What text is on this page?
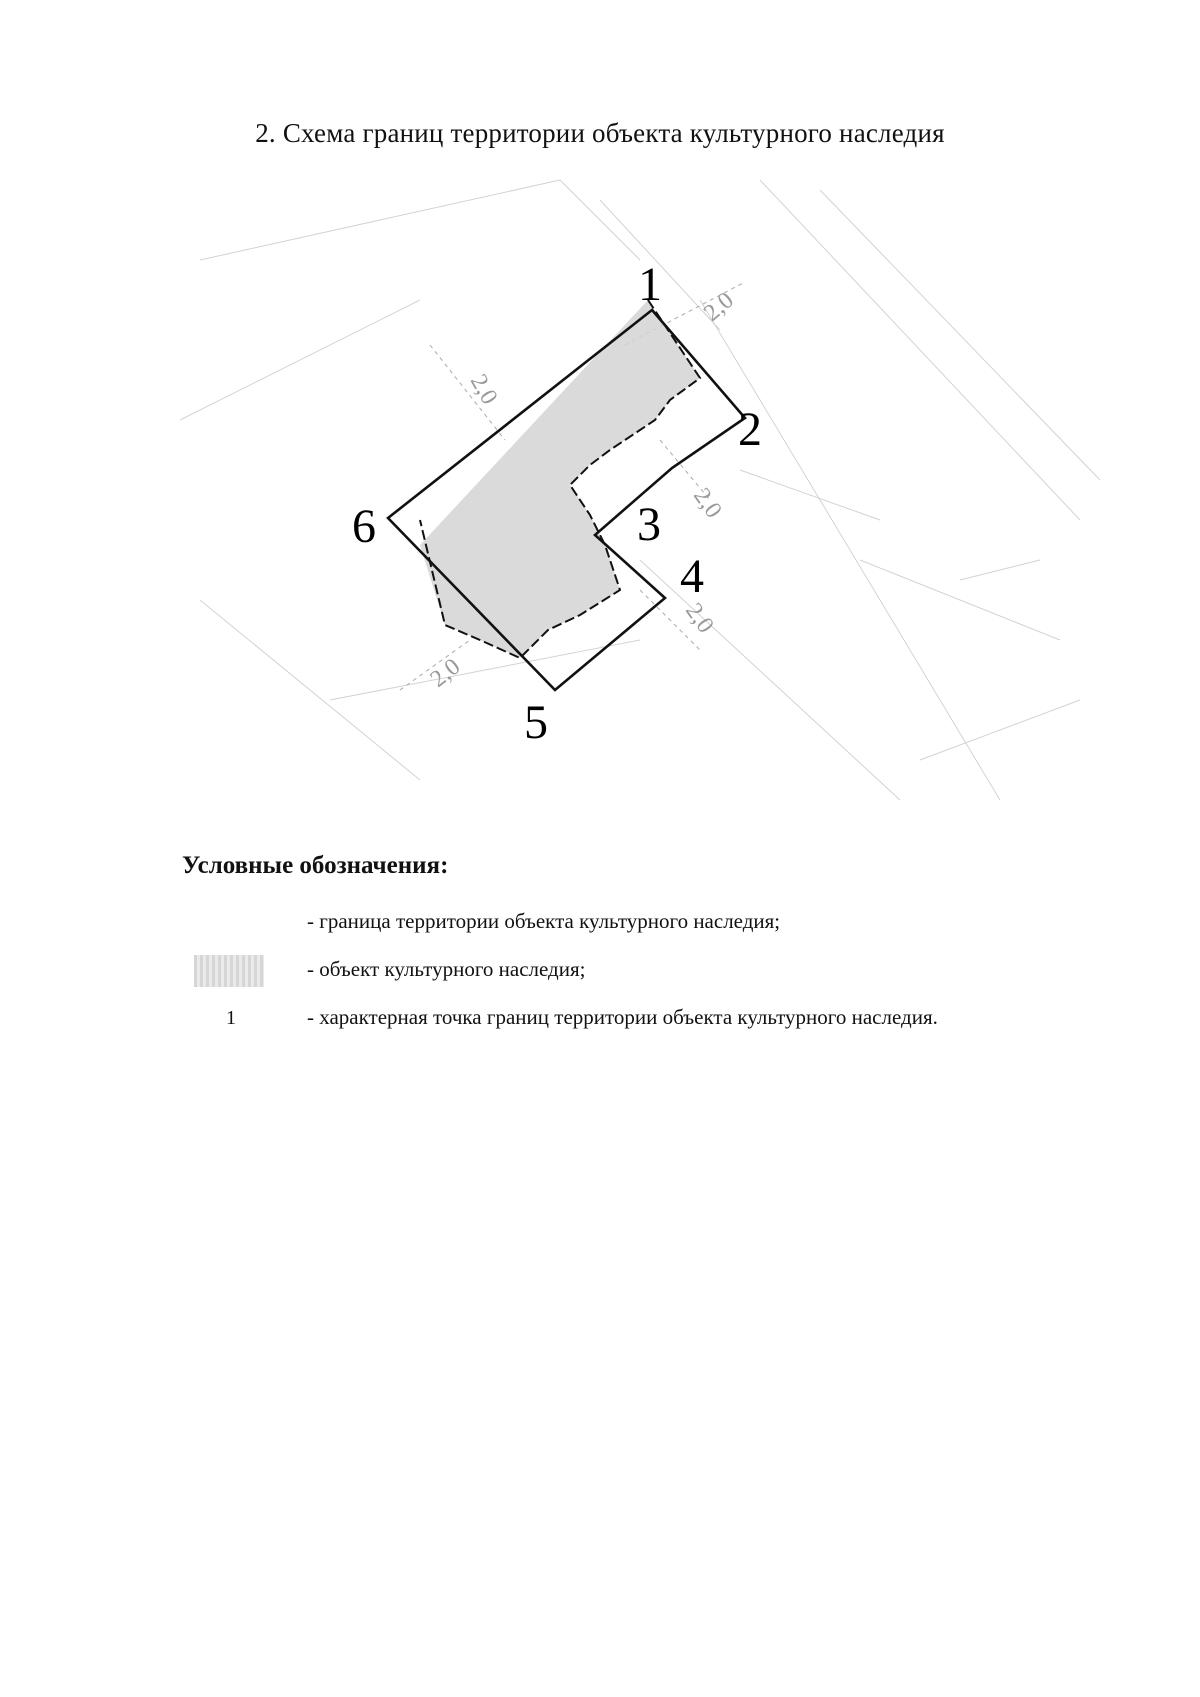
2. Схема границ территории объекта культурного наследия
1
2
3
4
5
6
2,0
2,0
2,0
2,0
2,0
Условные обозначения:
- граница территории объекта культурного наследия;
- объект культурного наследия;
1	- характерная точка границ территории объекта культурного наследия.
